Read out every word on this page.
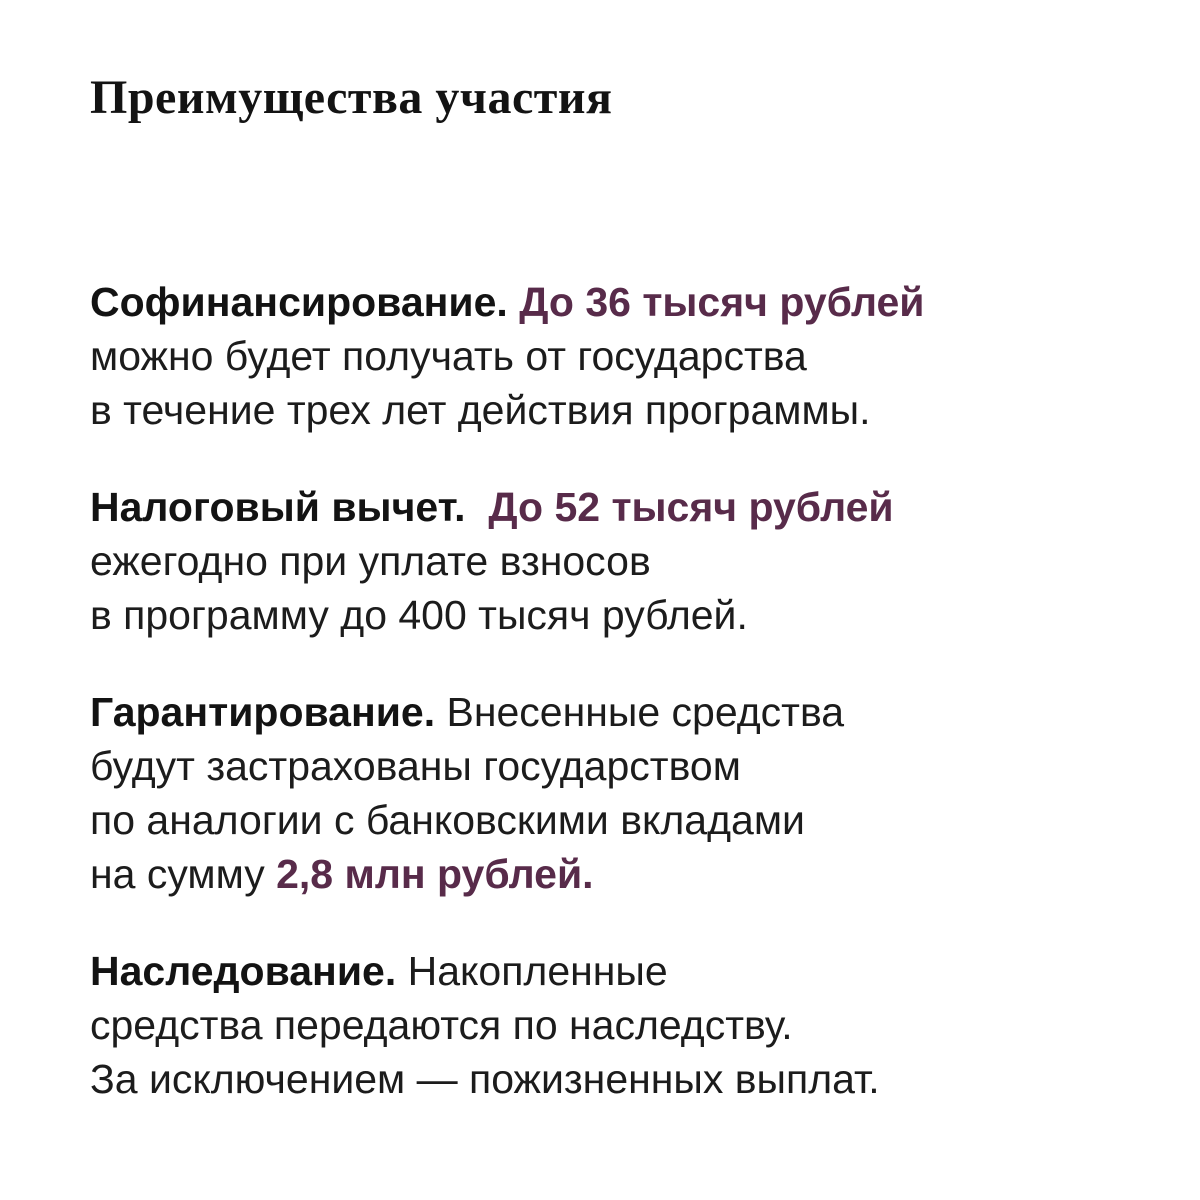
Преимущества участия
Софинансирование. До 36 тысяч рублей
можно будет получать от государства
в течение трех лет действия программы.
Налоговый вычет. До 52 тысяч рублей
ежегодно при уплате взносов
в программу до 400 тысяч рублей.
Гарантирование. Внесенные средства
будут застрахованы государством
по аналогии с банковскими вкладами
на сумму 2,8 млн рублей.
Наследование. Накопленные
средства передаются по наследству.
За исключением — пожизненных выплат.
